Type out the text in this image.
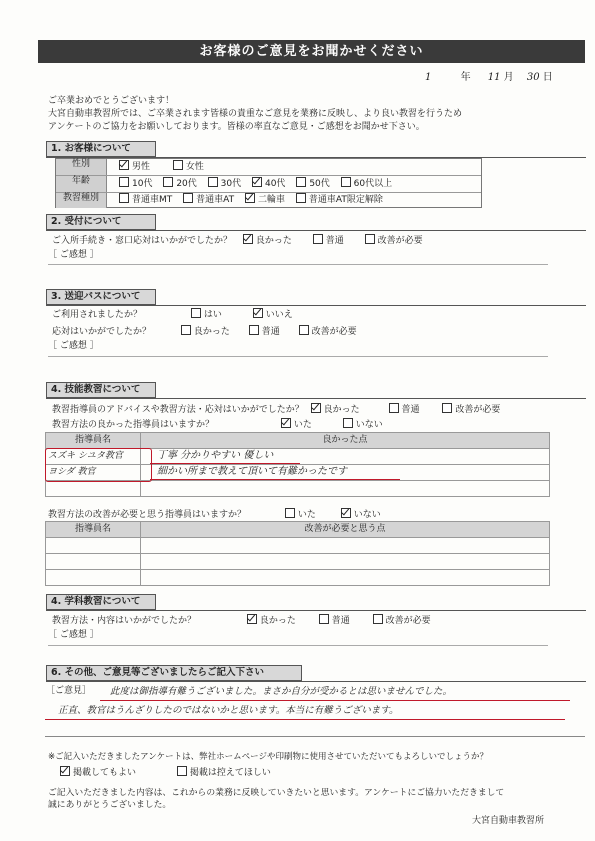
お客様のご意見をお聞かせください
1	年 11 月 30 日
ご卒業おめでとうございます！
大宮自動車教習所では、ご卒業されます皆様の貴重なご意見を業務に反映し、より良い教習を行うため
アンケートのご協力をお願いしております。皆様の率直なご意見・ご感想をお聞かせ下さい。
1. お客様について
性別	男性	女性
年齢	10代	20代	30代	40代	50代	60代以上
教習種別	普通車MT	普通車AT	二輪車	普通車AT限定解除
2. 受付について
ご入所手続き・窓口応対はいかがでしたか？	良かった	普通	改善が必要
［ ご感想 ］
3. 送迎バスについて
ご利用されましたか？	はい	いいえ
応対はいかがでしたか？	良かった	普通	改善が必要
［ ご感想 ］
4. 技能教習について
教習指導員のアドバイスや教習方法・応対はいかがでしたか？ 良かった	普通	改善が必要
教習方法の良かった指導員はいますか？	いた	いない
指導員名	良かった点
スズキ シユタ教官	丁寧 分かりやすい 優しい
ヨシダ 教官	細かい所まで教えて頂いて有難かったです

教習方法の改善が必要と思う指導員はいますか？	いた	いない
指導員名	改善が必要と思う点

4. 学科教習について
教習方法・内容はいかがでしたか？	良かった	普通	改善が必要
［ ご感想 ］
6. その他、ご意見等ございましたらご記入下さい
［ご意見］ 此度は御指導有難うございました。まさか自分が受かるとは思いませんでした。
正直、教官はうんざりしたのではないかと思います。本当に有難うございます。
※ご記入いただきましたアンケートは、弊社ホームページや印刷物に使用させていただいてもよろしいでしょうか？
掲載してもよい	掲載は控えてほしい
ご記入いただきました内容は、これからの業務に反映していきたいと思います。アンケートにご協力いただきまして
誠にありがとうございました。
大宮自動車教習所
